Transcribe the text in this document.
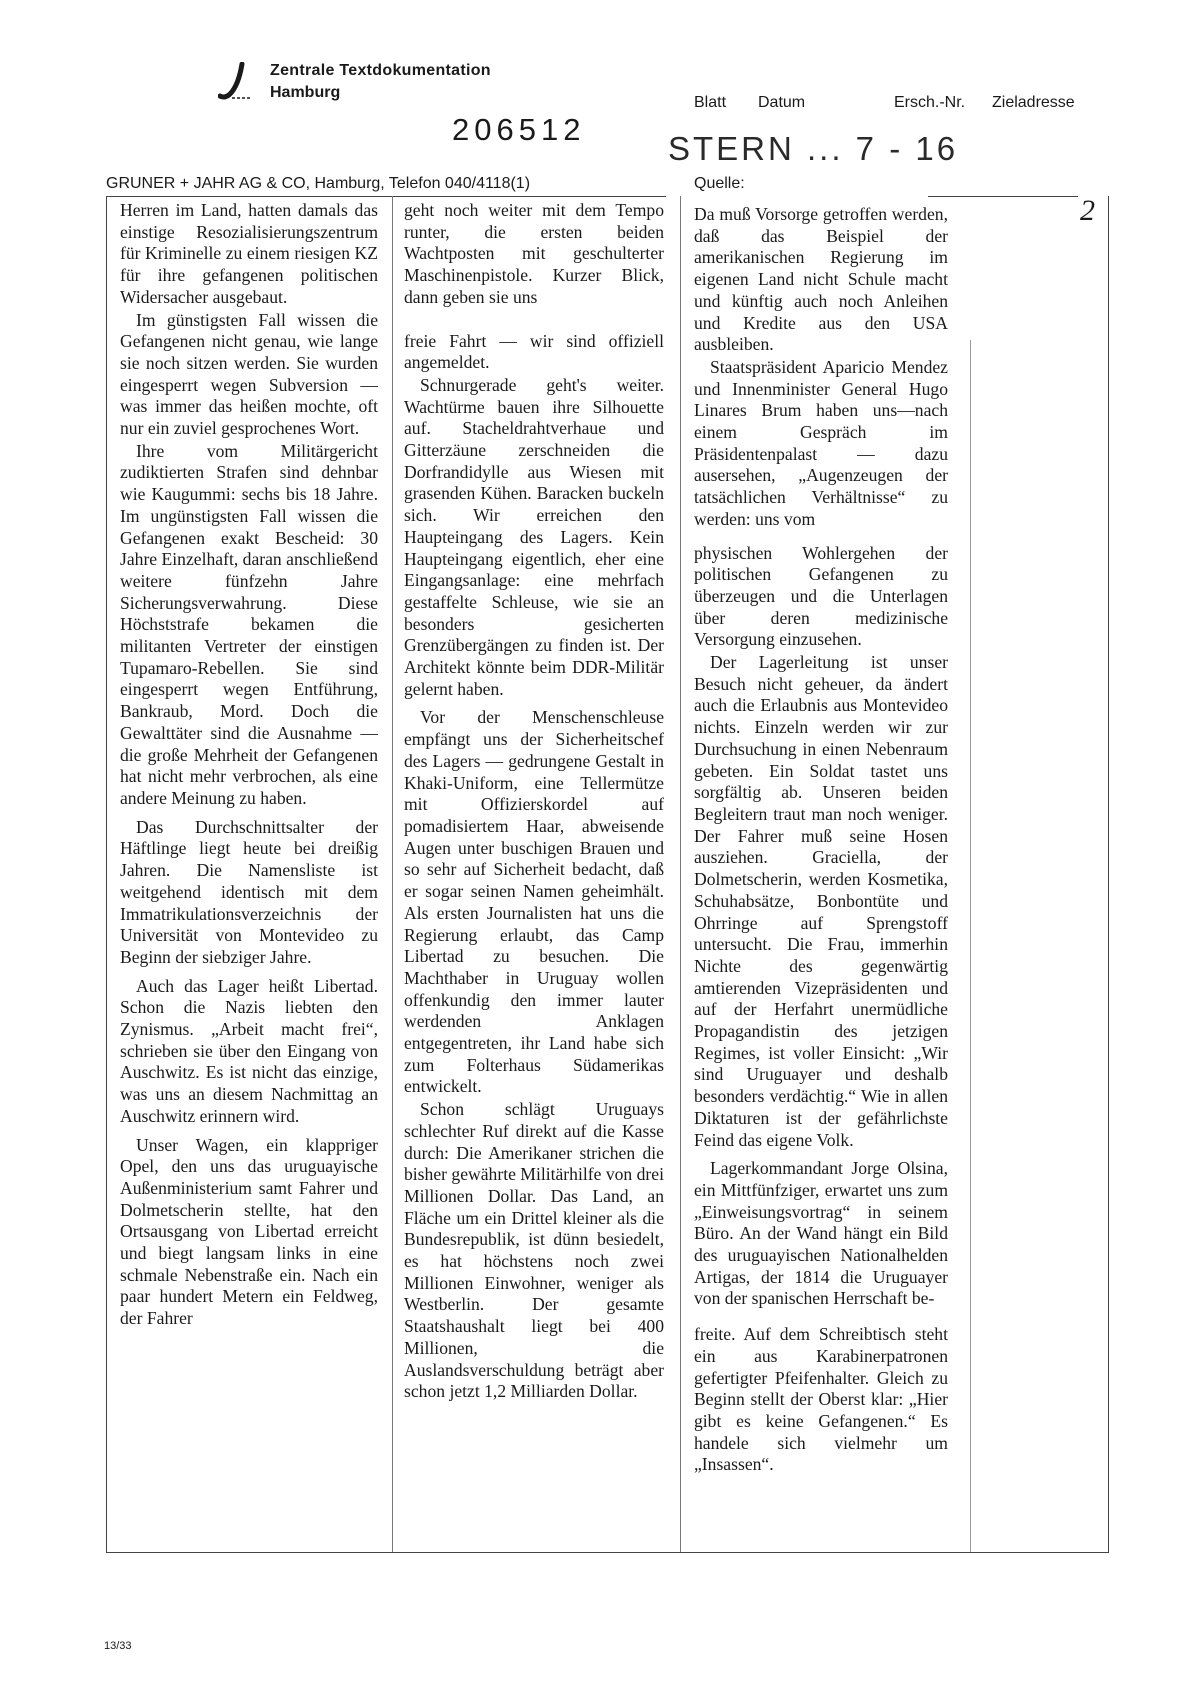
Zentrale Textdokumentation
Hamburg
206512
Blatt Datum	Ersch.-Nr. Zieladresse
STERN ... 7 - 16
GRUNER + JAHR AG & CO, Hamburg, Telefon 040/4118(1)	Quelle:
2

Herren im Land, hatten damals das einstige Resozialisierungszentrum für Kriminelle zu einem riesigen KZ für ihre gefangenen politischen Widersacher ausgebaut.

Im günstigsten Fall wissen die Gefangenen nicht genau, wie lange sie noch sitzen werden. Sie wurden eingesperrt wegen Subversion — was immer das heißen mochte, oft nur ein zuviel gesprochenes Wort.

Ihre vom Militärgericht zudiktierten Strafen sind dehnbar wie Kaugummi: sechs bis 18 Jahre. Im ungünstigsten Fall wissen die Gefangenen exakt Bescheid: 30 Jahre Einzelhaft, daran anschließend weitere fünfzehn Jahre Sicherungsverwahrung. Diese Höchststrafe bekamen die militanten Vertreter der einstigen Tupamaro-Rebellen. Sie sind eingesperrt wegen Entführung, Bankraub, Mord. Doch die Gewalttäter sind die Ausnahme — die große Mehrheit der Gefangenen hat nicht mehr verbrochen, als eine andere Meinung zu haben.

Das Durchschnittsalter der Häftlinge liegt heute bei dreißig Jahren. Die Namensliste ist weitgehend identisch mit dem Immatrikulationsverzeichnis der Universität von Montevideo zu Beginn der siebziger Jahre.

Auch das Lager heißt Libertad. Schon die Nazis liebten den Zynismus. „Arbeit macht frei“, schrieben sie über den Eingang von Auschwitz. Es ist nicht das einzige, was uns an diesem Nachmittag an Auschwitz erinnern wird.

Unser Wagen, ein klappriger Opel, den uns das uruguayische Außenministerium samt Fahrer und Dolmetscherin stellte, hat den Ortsausgang von Libertad erreicht und biegt langsam links in eine schmale Nebenstraße ein. Nach ein paar hundert Metern ein Feldweg, der Fahrer

geht noch weiter mit dem Tempo runter, die ersten beiden Wachtposten mit geschulterter Maschinenpistole. Kurzer Blick, dann geben sie uns

freie Fahrt — wir sind offiziell angemeldet.

Schnurgerade geht's weiter. Wachtürme bauen ihre Silhouette auf. Stacheldrahtverhaue und Gitterzäune zerschneiden die Dorfrandidylle aus Wiesen mit grasenden Kühen. Baracken buckeln sich. Wir erreichen den Haupteingang des Lagers. Kein Haupteingang eigentlich, eher eine Eingangsanlage: eine mehrfach gestaffelte Schleuse, wie sie an besonders gesicherten Grenzübergängen zu finden ist. Der Architekt könnte beim DDR-Militär gelernt haben.

Vor der Menschenschleuse empfängt uns der Sicherheitschef des Lagers — gedrungene Gestalt in Khaki-Uniform, eine Tellermütze mit Offizierskordel auf pomadisiertem Haar, abweisende Augen unter buschigen Brauen und so sehr auf Sicherheit bedacht, daß er sogar seinen Namen geheimhält. Als ersten Journalisten hat uns die Regierung erlaubt, das Camp Libertad zu besuchen. Die Machthaber in Uruguay wollen offenkundig den immer lauter werdenden Anklagen entgegentreten, ihr Land habe sich zum Folterhaus Südamerikas entwickelt.

Schon schlägt Uruguays schlechter Ruf direkt auf die Kasse durch: Die Amerikaner strichen die bisher gewährte Militärhilfe von drei Millionen Dollar. Das Land, an Fläche um ein Drittel kleiner als die Bundesrepublik, ist dünn besiedelt, es hat höchstens noch zwei Millionen Einwohner, weniger als Westberlin. Der gesamte Staatshaushalt liegt bei 400 Millionen, die Auslandsverschuldung beträgt aber schon jetzt 1,2 Milliarden Dollar.

Da muß Vorsorge getroffen werden, daß das Beispiel der amerikanischen Regierung im eigenen Land nicht Schule macht und künftig auch noch Anleihen und Kredite aus den USA ausbleiben.

Staatspräsident Aparicio Mendez und Innenminister General Hugo Linares Brum haben uns—nach einem Gespräch im Präsidentenpalast — dazu ausersehen, „Augenzeugen der tatsächlichen Verhältnisse“ zu werden: uns vom

physischen Wohlergehen der politischen Gefangenen zu überzeugen und die Unterlagen über deren medizinische Versorgung einzusehen.

Der Lagerleitung ist unser Besuch nicht geheuer, da ändert auch die Erlaubnis aus Montevideo nichts. Einzeln werden wir zur Durchsuchung in einen Nebenraum gebeten. Ein Soldat tastet uns sorgfältig ab. Unseren beiden Begleitern traut man noch weniger. Der Fahrer muß seine Hosen ausziehen. Graciella, der Dolmetscherin, werden Kosmetika, Schuhabsätze, Bonbontüte und Ohrringe auf Sprengstoff untersucht. Die Frau, immerhin Nichte des gegenwärtig amtierenden Vizepräsidenten und auf der Herfahrt unermüdliche Propagandistin des jetzigen Regimes, ist voller Einsicht: „Wir sind Uruguayer und deshalb besonders verdächtig.“ Wie in allen Diktaturen ist der gefährlichste Feind das eigene Volk.

Lagerkommandant Jorge Olsina, ein Mittfünfziger, erwartet uns zum „Einweisungsvortrag“ in seinem Büro. An der Wand hängt ein Bild des uruguayischen Nationalhelden Artigas, der 1814 die Uruguayer von der spanischen Herrschaft be-

freite. Auf dem Schreibtisch steht ein aus Karabinerpatronen gefertigter Pfeifenhalter. Gleich zu Beginn stellt der Oberst klar: „Hier gibt es keine Gefangenen.“ Es handele sich vielmehr um „Insassen“.

13/33
